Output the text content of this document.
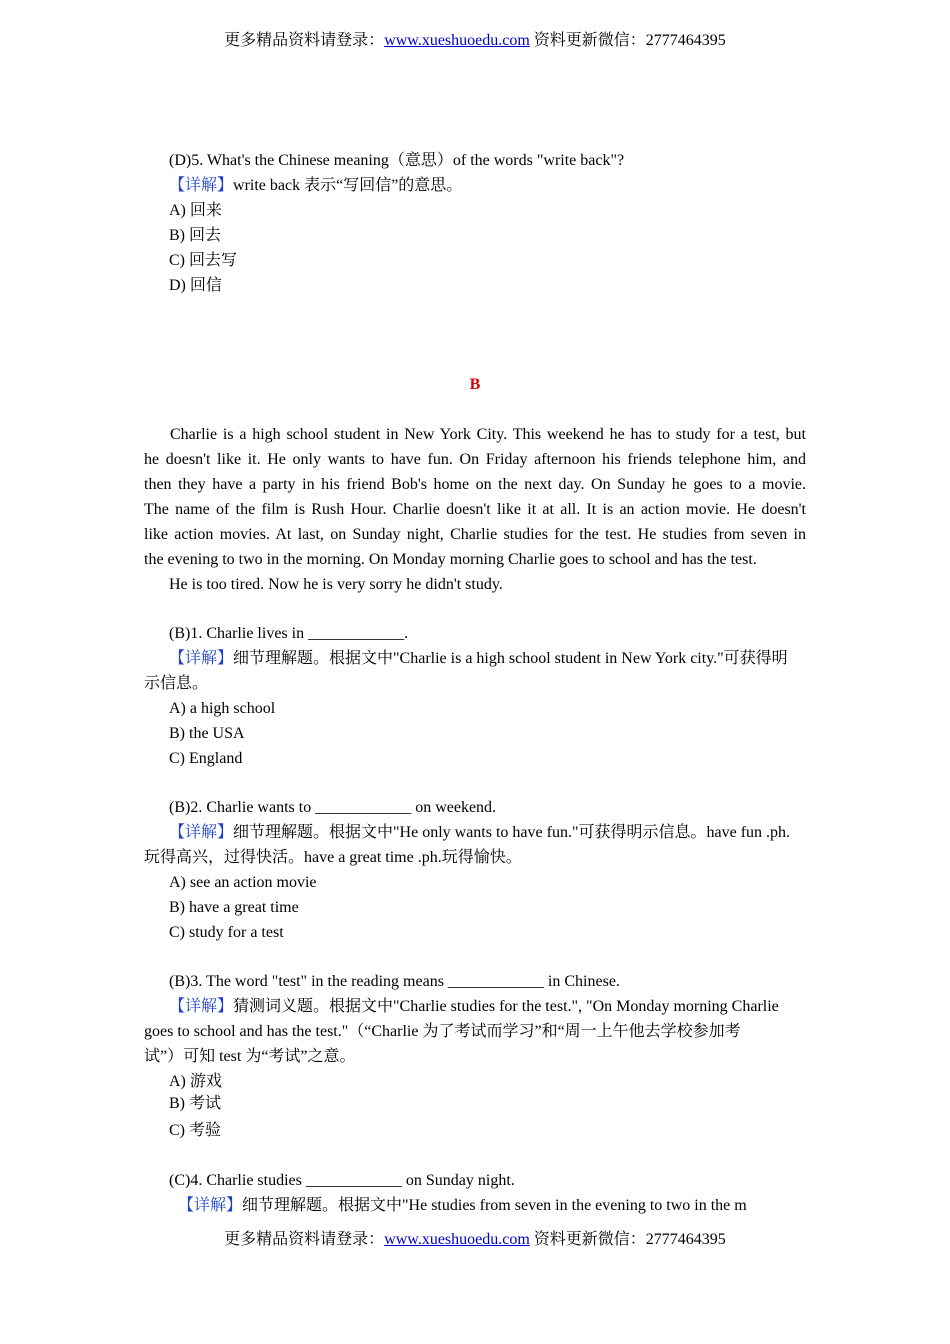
更多精品资料请登录：www.xueshuoedu.com 资料更新微信：2777464395
(D)5. What's the Chinese meaning（意思）of the words "write back"?
【详解】write back 表示“写回信”的意思。
A) 回来
B) 回去
C) 回去写
D) 回信
B
Charlie is a high school student in New York City. This weekend he has to study for a test, but
he doesn't like it. He only wants to have fun. On Friday afternoon his friends telephone him, and
then they have a party in his friend Bob's home on the next day. On Sunday he goes to a movie.
The name of the film is Rush Hour. Charlie doesn't like it at all. It is an action movie. He doesn't
like action movies. At last, on Sunday night, Charlie studies for the test. He studies from seven in
the evening to two in the morning. On Monday morning Charlie goes to school and has the test.
He is too tired. Now he is very sorry he didn't study.
(B)1. Charlie lives in ____________.
【详解】细节理解题。根据文中"Charlie is a high school student in New York city."可获得明
示信息。
A) a high school
B) the USA
C) England
(B)2. Charlie wants to ____________ on weekend.
【详解】细节理解题。根据文中"He only wants to have fun."可获得明示信息。have fun .ph.
玩得高兴，过得快活。have a great time .ph.玩得愉快。
A) see an action movie
B) have a great time
C) study for a test
(B)3. The word "test" in the reading means ____________ in Chinese.
【详解】猜测词义题。根据文中"Charlie studies for the test.", "On Monday morning Charlie
goes to school and has the test."（“Charlie 为了考试而学习”和“周一上午他去学校参加考
试”）可知 test 为“考试”之意。
A) 游戏
B) 考试
C) 考验
(C)4. Charlie studies ____________ on Sunday night.
【详解】细节理解题。根据文中"He studies from seven in the evening to two in the m
更多精品资料请登录：www.xueshuoedu.com 资料更新微信：2777464395
